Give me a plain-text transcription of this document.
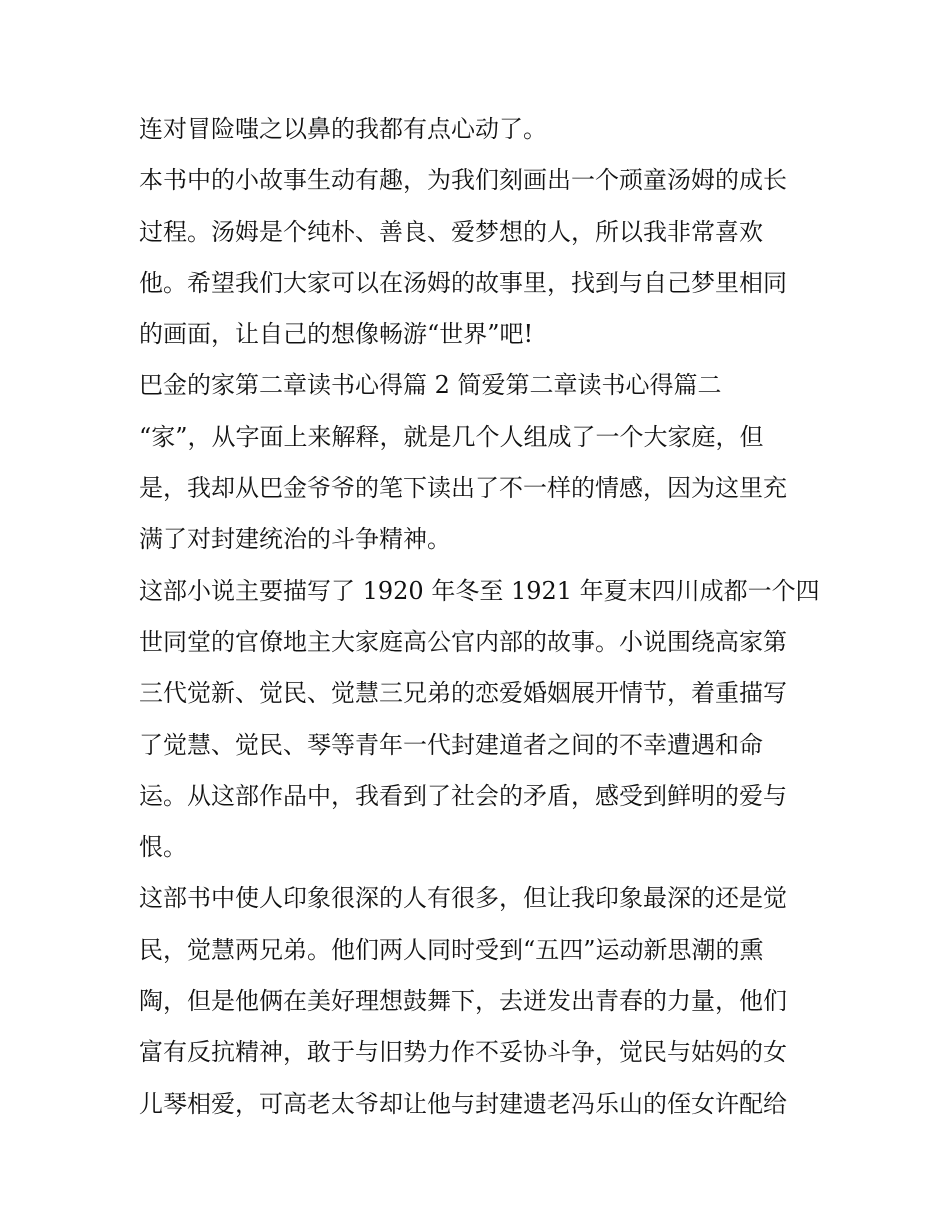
连对冒险嗤之以鼻的我都有点心动了。
本书中的小故事生动有趣，为我们刻画出一个顽童汤姆的成长
过程。汤姆是个纯朴、善良、爱梦想的人，所以我非常喜欢
他。希望我们大家可以在汤姆的故事里，找到与自己梦里相同
的画面，让自己的想像畅游“世界”吧!
巴金的家第二章读书心得篇 2 简爱第二章读书心得篇二
“家”，从字面上来解释，就是几个人组成了一个大家庭，但
是，我却从巴金爷爷的笔下读出了不一样的情感，因为这里充
满了对封建统治的斗争精神。
这部小说主要描写了 1920 年冬至 1921 年夏末四川成都一个四
世同堂的官僚地主大家庭高公官内部的故事。小说围绕高家第
三代觉新、觉民、觉慧三兄弟的恋爱婚姻展开情节，着重描写
了觉慧、觉民、琴等青年一代封建道者之间的不幸遭遇和命
运。从这部作品中，我看到了社会的矛盾，感受到鲜明的爱与
恨。
这部书中使人印象很深的人有很多，但让我印象最深的还是觉
民，觉慧两兄弟。他们两人同时受到“五四”运动新思潮的熏
陶，但是他俩在美好理想鼓舞下，去迸发出青春的力量，他们
富有反抗精神，敢于与旧势力作不妥协斗争，觉民与姑妈的女
儿琴相爱，可高老太爷却让他与封建遗老冯乐山的侄女许配给
